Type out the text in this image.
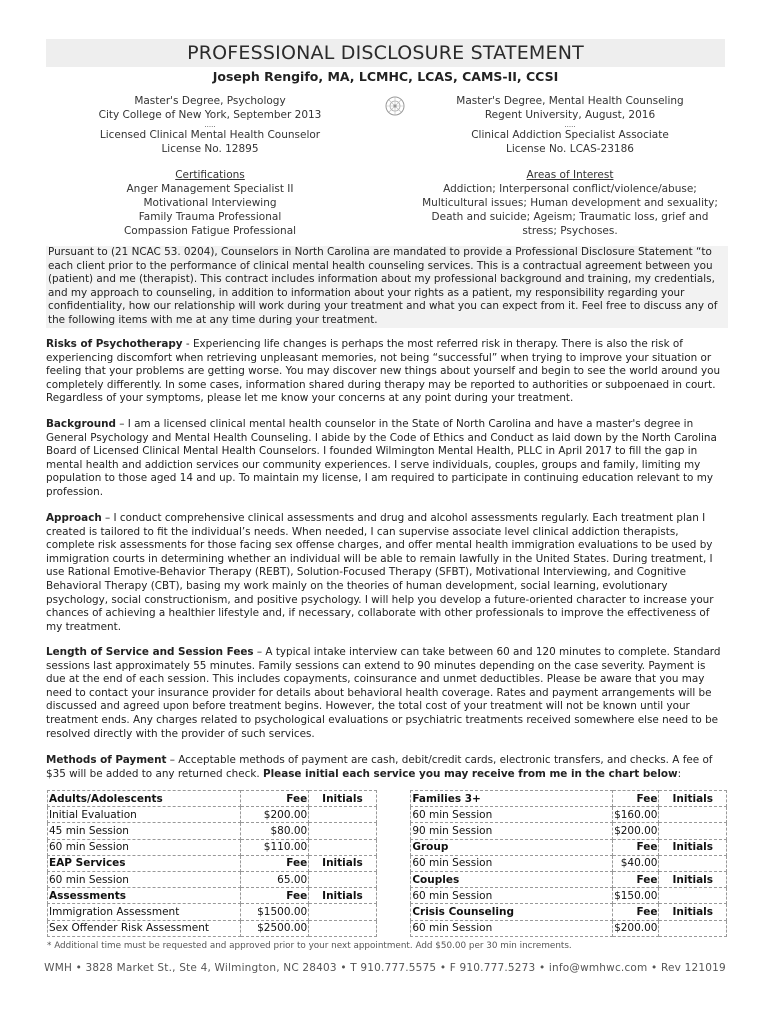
PROFESSIONAL DISCLOSURE STATEMENT
Joseph Rengifo, MA, LCMHC, LCAS, CAMS-II, CCSI
Master's Degree, Psychology
City College of New York, September 2013
.....
Licensed Clinical Mental Health Counselor
License No. 12895
Master's Degree, Mental Health Counseling
Regent University, August, 2016
.....
Clinical Addiction Specialist Associate
License No. LCAS-23186
Certifications
Anger Management Specialist II
Motivational Interviewing
Family Trauma Professional
Compassion Fatigue Professional
Areas of Interest
Addiction; Interpersonal conflict/violence/abuse;
Multicultural issues; Human development and sexuality;
Death and suicide; Ageism; Traumatic loss, grief and
stress; Psychoses.
Pursuant to (21 NCAC 53. 0204), Counselors in North Carolina are mandated to provide a Professional Disclosure Statement “to each client prior to the performance of clinical mental health counseling services. This is a contractual agreement between you (patient) and me (therapist). This contract includes information about my professional background and training, my credentials, and my approach to counseling, in addition to information about your rights as a patient, my responsibility regarding your confidentiality, how our relationship will work during your treatment and what you can expect from it. Feel free to discuss any of the following items with me at any time during your treatment.
Risks of Psychotherapy - Experiencing life changes is perhaps the most referred risk in therapy. There is also the risk of experiencing discomfort when retrieving unpleasant memories, not being “successful” when trying to improve your situation or feeling that your problems are getting worse. You may discover new things about yourself and begin to see the world around you completely differently. In some cases, information shared during therapy may be reported to authorities or subpoenaed in court. Regardless of your symptoms, please let me know your concerns at any point during your treatment.
Background – I am a licensed clinical mental health counselor in the State of North Carolina and have a master's degree in General Psychology and Mental Health Counseling. I abide by the Code of Ethics and Conduct as laid down by the North Carolina Board of Licensed Clinical Mental Health Counselors. I founded Wilmington Mental Health, PLLC in April 2017 to fill the gap in mental health and addiction services our community experiences. I serve individuals, couples, groups and family, limiting my population to those aged 14 and up. To maintain my license, I am required to participate in continuing education relevant to my profession.
Approach – I conduct comprehensive clinical assessments and drug and alcohol assessments regularly. Each treatment plan I created is tailored to fit the individual’s needs. When needed, I can supervise associate level clinical addiction therapists, complete risk assessments for those facing sex offense charges, and offer mental health immigration evaluations to be used by immigration courts in determining whether an individual will be able to remain lawfully in the United States. During treatment, I use Rational Emotive-Behavior Therapy (REBT), Solution-Focused Therapy (SFBT), Motivational Interviewing, and Cognitive Behavioral Therapy (CBT), basing my work mainly on the theories of human development, social learning, evolutionary psychology, social constructionism, and positive psychology. I will help you develop a future-oriented character to increase your chances of achieving a healthier lifestyle and, if necessary, collaborate with other professionals to improve the effectiveness of my treatment.
Length of Service and Session Fees – A typical intake interview can take between 60 and 120 minutes to complete. Standard sessions last approximately 55 minutes. Family sessions can extend to 90 minutes depending on the case severity. Payment is due at the end of each session. This includes copayments, coinsurance and unmet deductibles. Please be aware that you may need to contact your insurance provider for details about behavioral health coverage. Rates and payment arrangements will be discussed and agreed upon before treatment begins. However, the total cost of your treatment will not be known until your treatment ends. Any charges related to psychological evaluations or psychiatric treatments received somewhere else need to be resolved directly with the provider of such services.
Methods of Payment – Acceptable methods of payment are cash, debit/credit cards, electronic transfers, and checks. A fee of $35 will be added to any returned check. Please initial each service you may receive from me in the chart below:
Adults/Adolescents	Fee	Initials		Families 3+	Fee	Initials
Initial Evaluation	$200.00			60 min Session	$160.00	
45 min Session	$80.00			90 min Session	$200.00	
60 min Session	$110.00			Group	Fee	Initials
EAP Services	Fee	Initials		60 min Session	$40.00	
60 min Session	65.00			Couples	Fee	Initials
Assessments	Fee	Initials		60 min Session	$150.00	
Immigration Assessment	$1500.00			Crisis Counseling	Fee	Initials
Sex Offender Risk Assessment	$2500.00			60 min Session	$200.00	
* Additional time must be requested and approved prior to your next appointment. Add $50.00 per 30 min increments.
WMH • 3828 Market St., Ste 4, Wilmington, NC 28403 • T 910.777.5575 • F 910.777.5273 • info@wmhwc.com • Rev 121019
